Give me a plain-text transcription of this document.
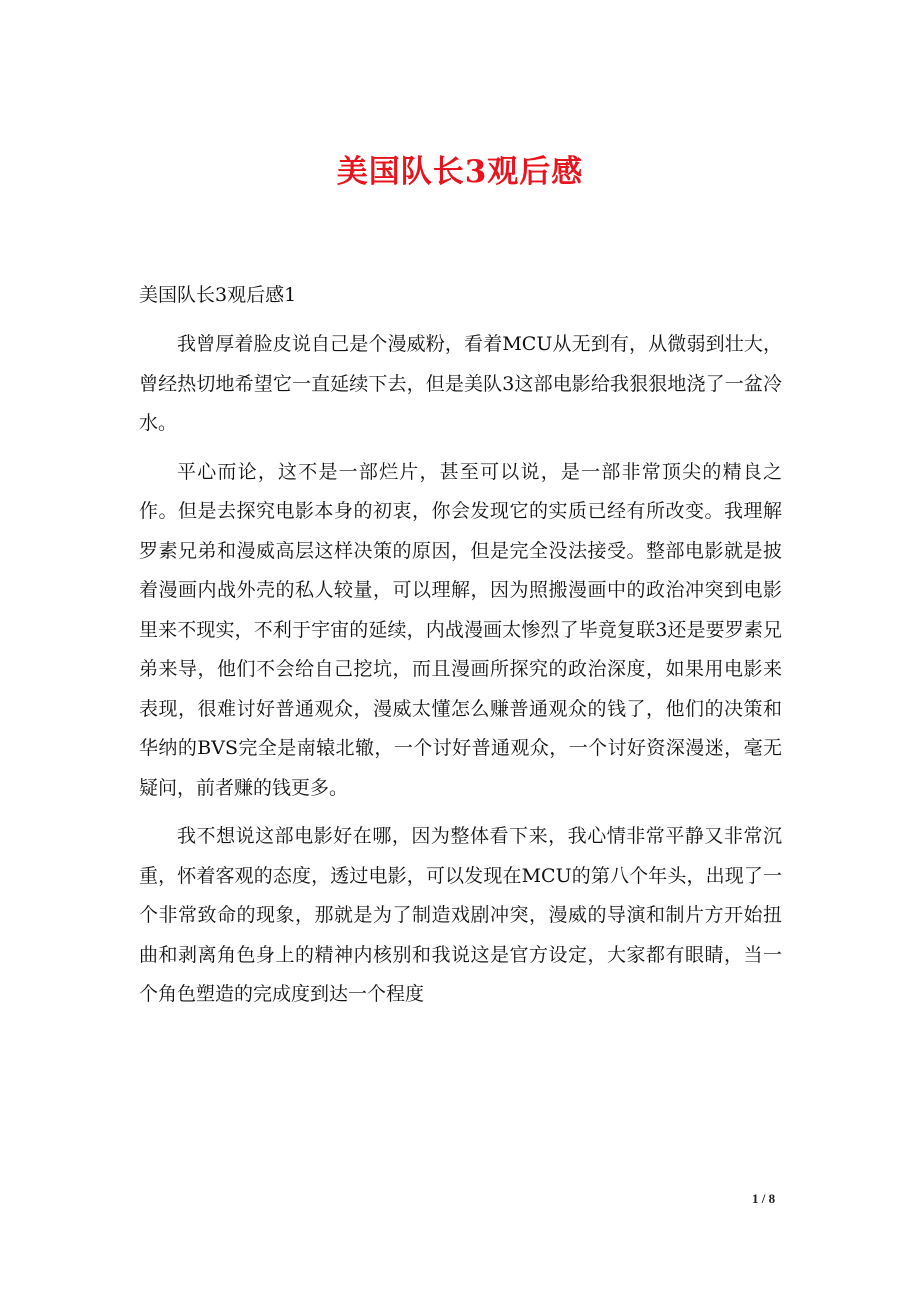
美国队长3观后感
美国队长3观后感1

我曾厚着脸皮说自己是个漫威粉，看着MCU从无到有，从微弱到壮大，曾经热切地希望它一直延续下去，但是美队3这部电影给我狠狠地浇了一盆冷水。

平心而论，这不是一部烂片，甚至可以说，是一部非常顶尖的精良之作。但是去探究电影本身的初衷，你会发现它的实质已经有所改变。我理解罗素兄弟和漫威高层这样决策的原因，但是完全没法接受。整部电影就是披着漫画内战外壳的私人较量，可以理解，因为照搬漫画中的政治冲突到电影里来不现实，不利于宇宙的延续，内战漫画太惨烈了毕竟复联3还是要罗素兄弟来导，他们不会给自己挖坑，而且漫画所探究的政治深度，如果用电影来表现，很难讨好普通观众，漫威太懂怎么赚普通观众的钱了，他们的决策和华纳的BVS完全是南辕北辙，一个讨好普通观众，一个讨好资深漫迷，毫无疑问，前者赚的钱更多。

我不想说这部电影好在哪，因为整体看下来，我心情非常平静又非常沉重，怀着客观的态度，透过电影，可以发现在MCU的第八个年头，出现了一个非常致命的现象，那就是为了制造戏剧冲突，漫威的导演和制片方开始扭曲和剥离角色身上的精神内核别和我说这是官方设定，大家都有眼睛，当一个角色塑造的完成度到达一个程度

1 / 8
